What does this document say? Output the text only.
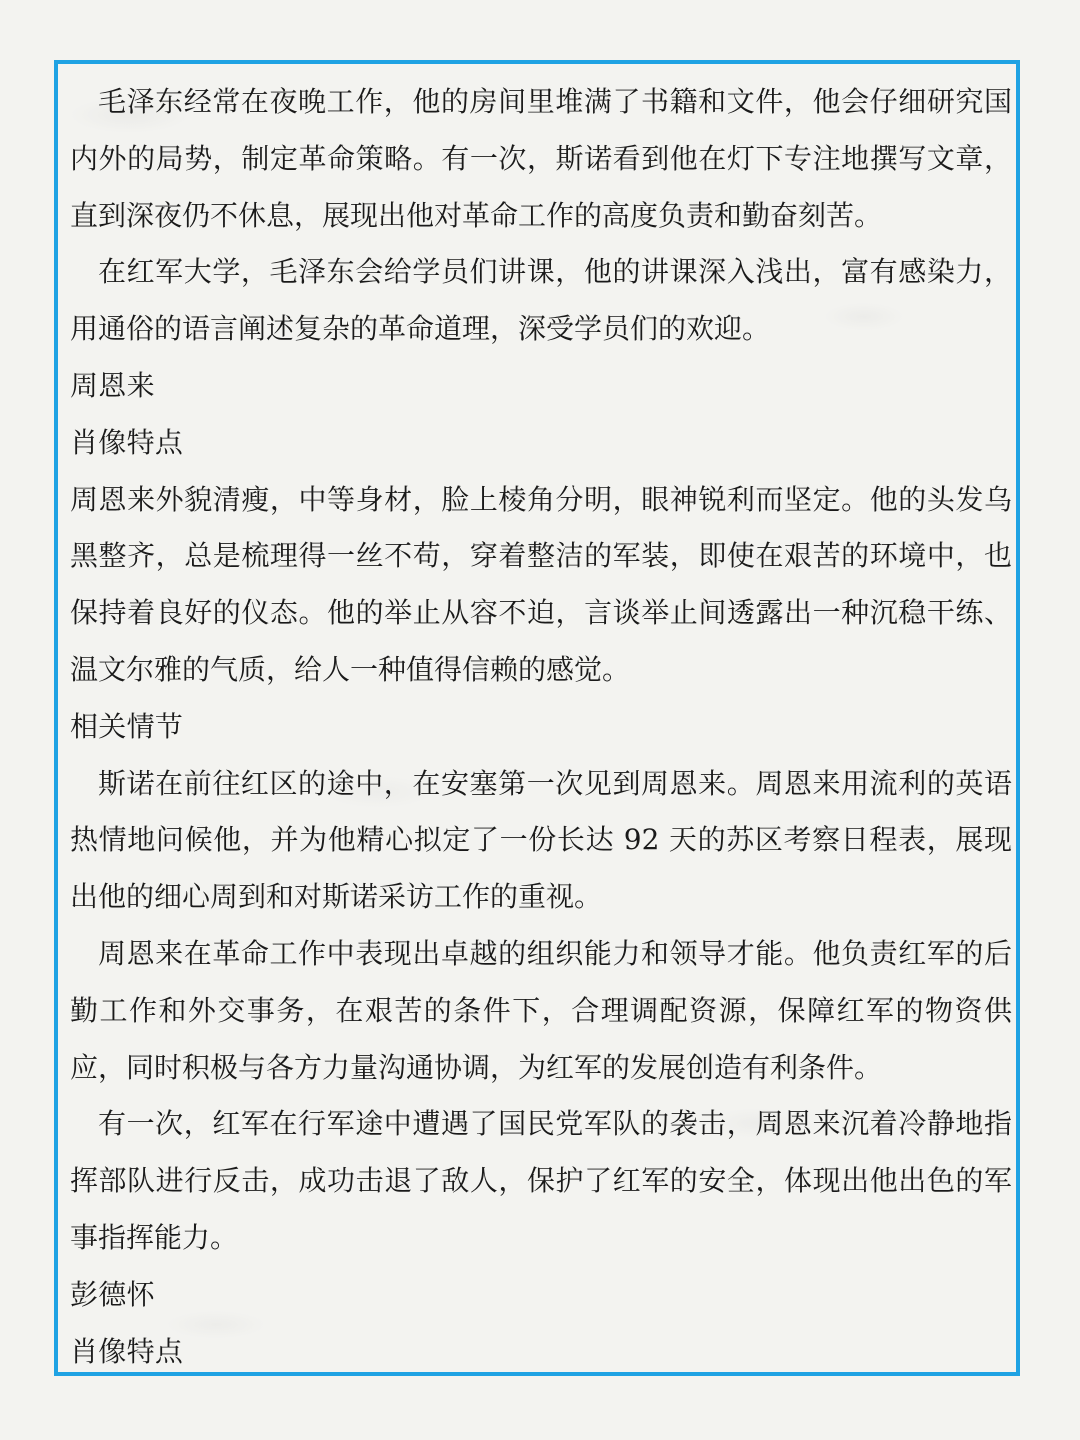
毛泽东经常在夜晚工作，他的房间里堆满了书籍和文件，他会仔细研究国内外的局势，制定革命策略。有一次，斯诺看到他在灯下专注地撰写文章，直到深夜仍不休息，展现出他对革命工作的高度负责和勤奋刻苦。

在红军大学，毛泽东会给学员们讲课，他的讲课深入浅出，富有感染力，用通俗的语言阐述复杂的革命道理，深受学员们的欢迎。

周恩来
肖像特点

周恩来外貌清瘦，中等身材，脸上棱角分明，眼神锐利而坚定。他的头发乌黑整齐，总是梳理得一丝不苟，穿着整洁的军装，即使在艰苦的环境中，也保持着良好的仪态。他的举止从容不迫，言谈举止间透露出一种沉稳干练、温文尔雅的气质，给人一种值得信赖的感觉。

相关情节

斯诺在前往红区的途中，在安塞第一次见到周恩来。周恩来用流利的英语热情地问候他，并为他精心拟定了一份长达 92 天的苏区考察日程表，展现出他的细心周到和对斯诺采访工作的重视。

周恩来在革命工作中表现出卓越的组织能力和领导才能。他负责红军的后勤工作和外交事务，在艰苦的条件下，合理调配资源，保障红军的物资供应，同时积极与各方力量沟通协调，为红军的发展创造有利条件。

有一次，红军在行军途中遭遇了国民党军队的袭击，周恩来沉着冷静地指挥部队进行反击，成功击退了敌人，保护了红军的安全，体现出他出色的军事指挥能力。

彭德怀
肖像特点
